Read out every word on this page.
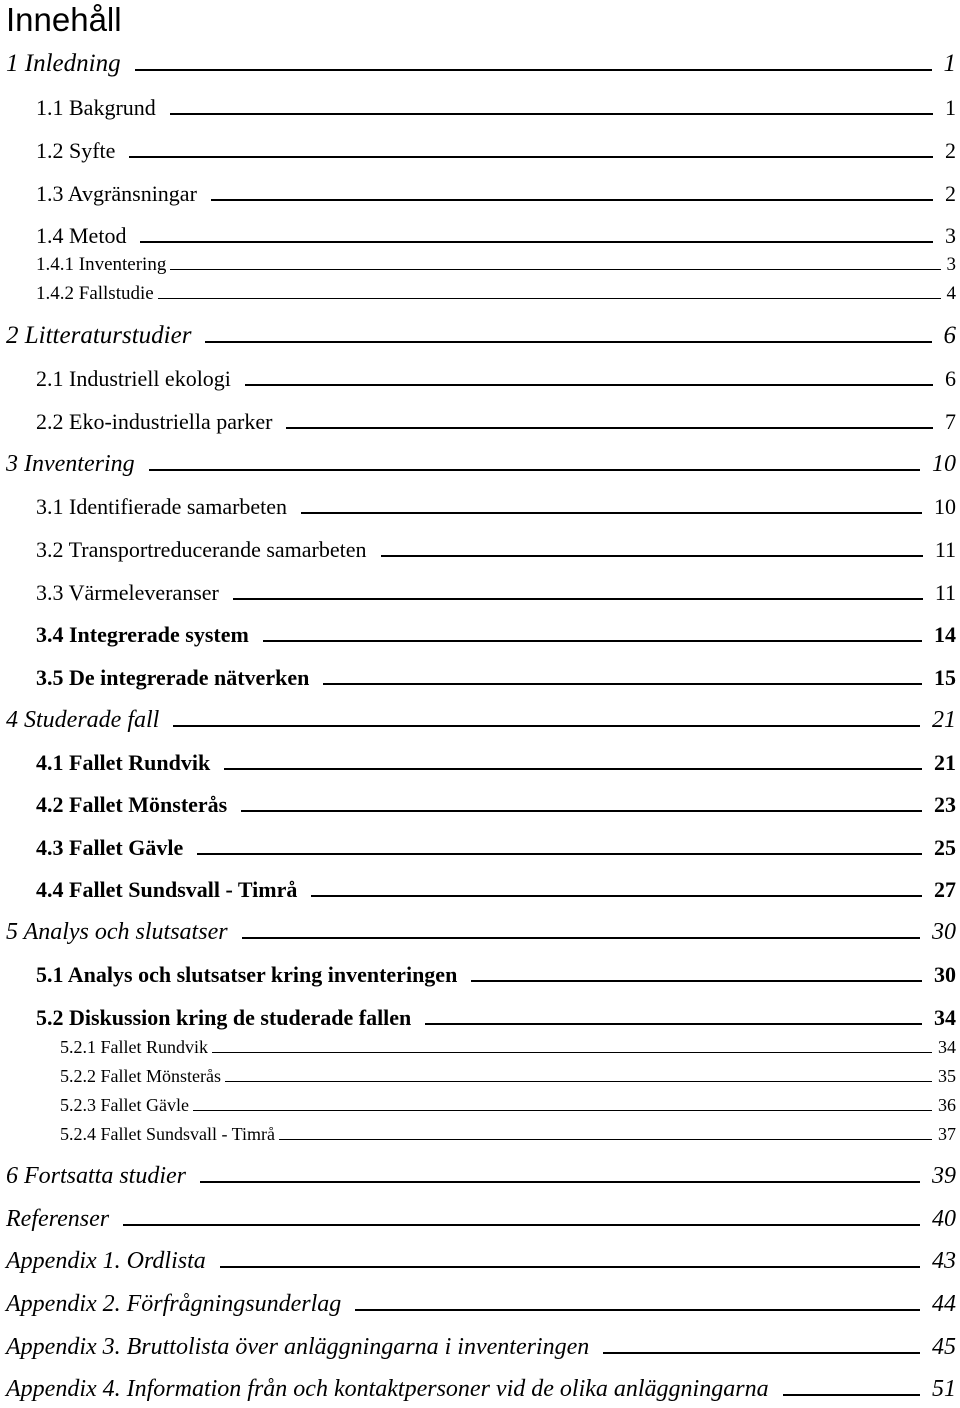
Innehåll
1 Inledning	1
1.1 Bakgrund	1
1.2 Syfte	2
1.3 Avgränsningar	2
1.4 Metod	3
1.4.1 Inventering	3
1.4.2 Fallstudie	4
2 Litteraturstudier	6
2.1 Industriell ekologi	6
2.2 Eko-industriella parker	7
3 Inventering	10
3.1 Identifierade samarbeten	10
3.2 Transportreducerande samarbeten	11
3.3 Värmeleveranser	11
3.4 Integrerade system	14
3.5 De integrerade nätverken	15
4 Studerade fall	21
4.1 Fallet Rundvik	21
4.2 Fallet Mönsterås	23
4.3 Fallet Gävle	25
4.4 Fallet Sundsvall - Timrå	27
5 Analys och slutsatser	30
5.1 Analys och slutsatser kring inventeringen	30
5.2 Diskussion kring de studerade fallen	34
5.2.1 Fallet Rundvik	34
5.2.2 Fallet Mönsterås	35
5.2.3 Fallet Gävle	36
5.2.4 Fallet Sundsvall - Timrå	37
6 Fortsatta studier	39
Referenser	40
Appendix 1. Ordlista	43
Appendix 2. Förfrågningsunderlag	44
Appendix 3. Bruttolista över anläggningarna i inventeringen	45
Appendix 4. Information från och kontaktpersoner vid de olika anläggningarna	51
